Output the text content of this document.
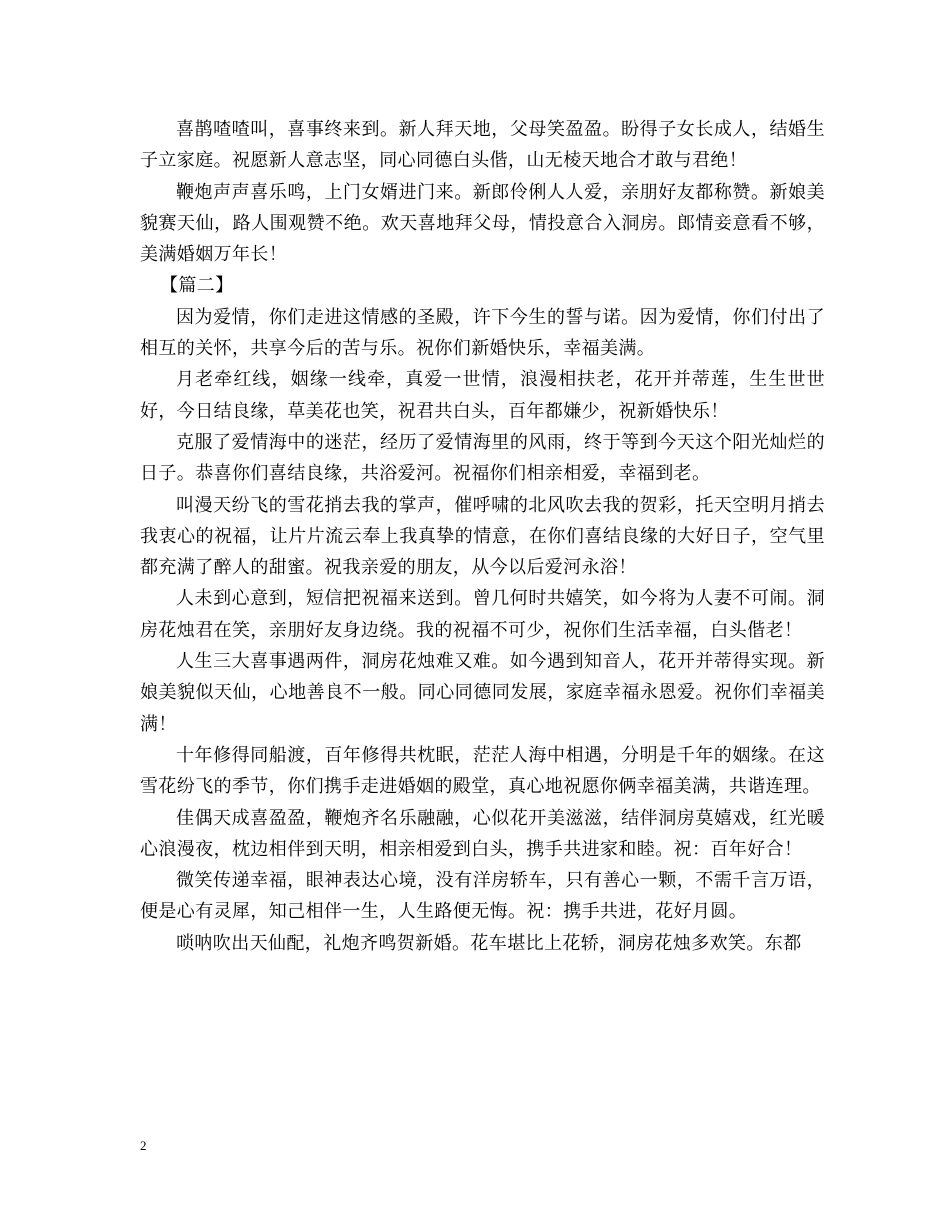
喜鹊喳喳叫，喜事终来到。新人拜天地，父母笑盈盈。盼得子女长成人，结婚生子立家庭。祝愿新人意志坚，同心同德白头偕，山无棱天地合才敢与君绝！

鞭炮声声喜乐鸣，上门女婿进门来。新郎伶俐人人爱，亲朋好友都称赞。新娘美貌赛天仙，路人围观赞不绝。欢天喜地拜父母，情投意合入洞房。郎情妾意看不够，美满婚姻万年长！

【篇二】

因为爱情，你们走进这情感的圣殿，许下今生的誓与诺。因为爱情，你们付出了相互的关怀，共享今后的苦与乐。祝你们新婚快乐，幸福美满。

月老牵红线，姻缘一线牵，真爱一世情，浪漫相扶老，花开并蒂莲，生生世世好，今日结良缘，草美花也笑，祝君共白头，百年都嫌少，祝新婚快乐！

克服了爱情海中的迷茫，经历了爱情海里的风雨，终于等到今天这个阳光灿烂的日子。恭喜你们喜结良缘，共浴爱河。祝福你们相亲相爱，幸福到老。

叫漫天纷飞的雪花捎去我的掌声，催呼啸的北风吹去我的贺彩，托天空明月捎去我衷心的祝福，让片片流云奉上我真挚的情意，在你们喜结良缘的大好日子，空气里都充满了醉人的甜蜜。祝我亲爱的朋友，从今以后爱河永浴！

人未到心意到，短信把祝福来送到。曾几何时共嬉笑，如今将为人妻不可闹。洞房花烛君在笑，亲朋好友身边绕。我的祝福不可少，祝你们生活幸福，白头偕老！

人生三大喜事遇两件，洞房花烛难又难。如今遇到知音人，花开并蒂得实现。新娘美貌似天仙，心地善良不一般。同心同德同发展，家庭幸福永恩爱。祝你们幸福美满！

十年修得同船渡，百年修得共枕眠，茫茫人海中相遇，分明是千年的姻缘。在这雪花纷飞的季节，你们携手走进婚姻的殿堂，真心地祝愿你俩幸福美满，共谐连理。

佳偶天成喜盈盈，鞭炮齐名乐融融，心似花开美滋滋，结伴洞房莫嬉戏，红光暖心浪漫夜，枕边相伴到天明，相亲相爱到白头，携手共进家和睦。祝：百年好合！

微笑传递幸福，眼神表达心境，没有洋房轿车，只有善心一颗，不需千言万语，便是心有灵犀，知己相伴一生，人生路便无悔。祝：携手共进，花好月圆。

唢呐吹出天仙配，礼炮齐鸣贺新婚。花车堪比上花轿，洞房花烛多欢笑。东都

2
